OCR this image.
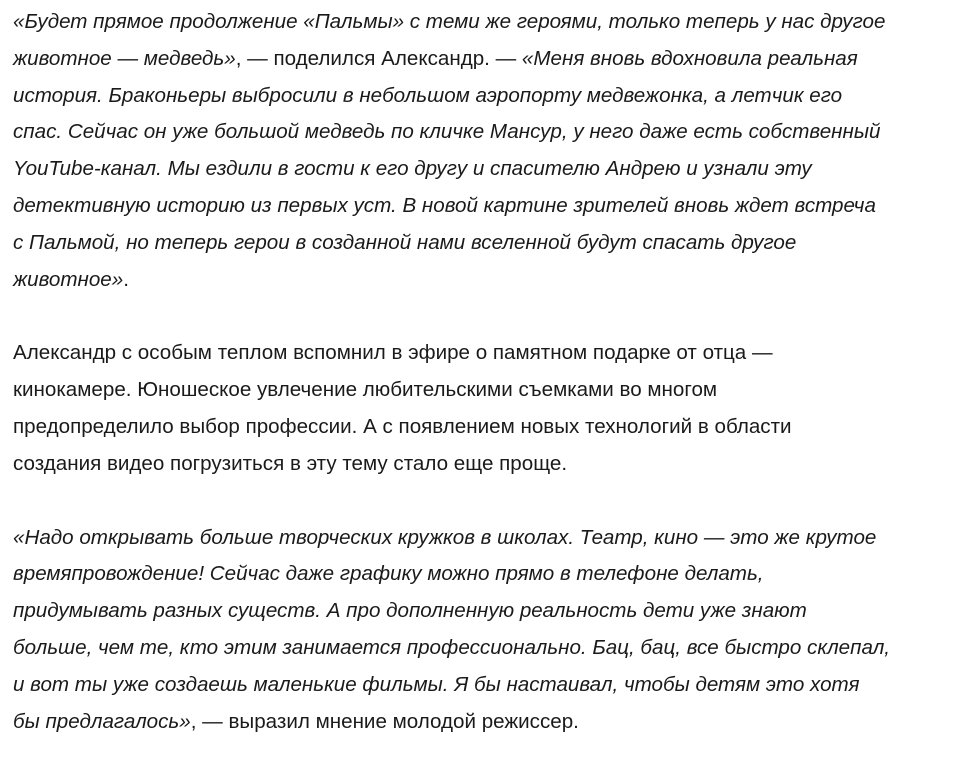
«Будет прямое продолжение «Пальмы» с теми же героями, только теперь у нас другое
животное — медведь», — поделился Александр. — «Меня вновь вдохновила реальная
история. Браконьеры выбросили в небольшом аэропорту медвежонка, а летчик его
спас. Сейчас он уже большой медведь по кличке Мансур, у него даже есть собственный
YouTube-канал. Мы ездили в гости к его другу и спасителю Андрею и узнали эту
детективную историю из первых уст. В новой картине зрителей вновь ждет встреча
с Пальмой, но теперь герои в созданной нами вселенной будут спасать другое
животное».

Александр с особым теплом вспомнил в эфире о памятном подарке от отца —
кинокамере. Юношеское увлечение любительскими съемками во многом
предопределило выбор профессии. А с появлением новых технологий в области
создания видео погрузиться в эту тему стало еще проще.

«Надо открывать больше творческих кружков в школах. Театр, кино — это же крутое
времяпровождение! Сейчас даже графику можно прямо в телефоне делать,
придумывать разных существ. А про дополненную реальность дети уже знают
больше, чем те, кто этим занимается профессионально. Бац, бац, все быстро склепал,
и вот ты уже создаешь маленькие фильмы. Я бы настаивал, чтобы детям это хотя
бы предлагалось», — выразил мнение молодой режиссер.
